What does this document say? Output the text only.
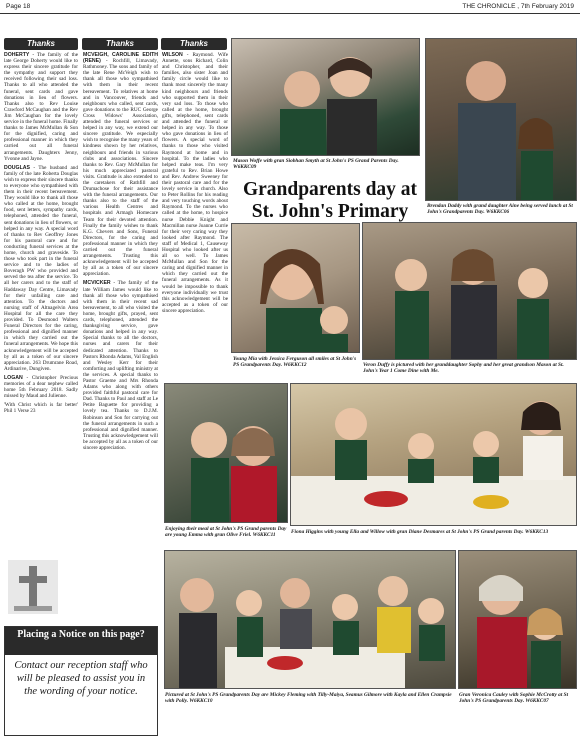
Page 18	THE CHRONICLE , 7th February 2019
Thanks	Thanks	Thanks

DOHERTY - The family of the late George Doherty would like to express their sincere gratitude for the sympathy and support they received following their sad loss. Thanks to all who attended the funeral, sent cards and gave donations in lieu of flowers. Thanks also to Rev Louise Crawford McCaughan and the Rev Jim McCaughan for the lovely service in the funeral home. Finally thanks to James McMullan & Son for the dignified, caring and professional manner in which they carried out all funeral arrangements. Daughters Jenny, Yvonne and Jayne.

DOUGLAS - The husband and family of the late Roberta Douglas wish to express their sincere thanks to everyone who sympathised with them in their recent bereavement. They would like to thank all those who called at the home, brought food, sent letters, sympathy cards, telephoned, attended the funeral, sent donations in lieu of flowers, or helped in any way. A special word of thanks to Rev Geoffrey Jones for his pastoral care and for conducting funeral services at the home, church and graveside. To those who took part in the funeral service and to the ladies of Boveragh PW who provided and served the tea after the service. To all her carers and to the staff of Haddaway Day Centre, Limavady for their unfailing care and attention. To the doctors and nursing staff of Altnagelvin Area Hospital for all the care they provided. To Desmond Walters Funeral Directors for the caring, professional and dignified manner in which they carried out the funeral arrangements. We hope this acknowledgement will be accepted by all as a token of our sincere appreciation. 263 Drumrane Road, Ardinarive, Dungiven.

LOGAN - Christopher Precious memories of a dear nephew called home 5th February 2018. Sadly missed by Maud and Julienne.

'With Christ which is far better' Phil 1 Verse 23

MCVEIGH, CAROLINE EDITH (RENE) - Rochfill, Limavady, Rathmoney. The sons and family of the late Rene McVeigh wish to thank all those who sympathised with them in their recent bereavement. To relatives at home and in Vancouver, friends and neighbours who called, sent cards, gave donations to the RUC George Cross Widows' Association, attended the funeral services or helped in any way, we extend our sincere gratitude. We especially wish to recognise the many years of kindness shown by her relatives, neighbours and friends in various clubs and associations. Sincere thanks to Rev. Gary McMullan for his much appreciated pastoral visits. Gratitude is also extended to the caretakers of Rathfill and Drumachose for their assistance with the funeral arrangements. Our thanks also to the staff of the various Health Centres and hospitals and Armagh Homecare Team for their devoted attention. Finally the family wishes to thank K.G. Chevers and Sons, Funeral Directors, for the caring and professional manner in which they carried out the funeral arrangements. Trusting this acknowledgement will be accepted by all as a token of our sincere appreciation.

MCVICKER - The family of the late William James would like to thank all those who sympathised with them in their recent sad bereavement, to all who visited the home, brought gifts, prayed, sent cards, telephoned, attended the thanksgiving service, gave donations and helped in any way. Special thanks to all the doctors, nurses and carers for their dedicated attention. Thanks to Pastors Rhonda Adams, Val English and Wesley Kerr for their comforting and uplifting ministry at the services. A special thanks to Pastor Graeme and Mrs Rhonda Adams who along with others provided faithful pastoral care for Dad. Thanks to Paul and staff at Le Petite Baguette for providing a lovely tea. Thanks to D.J.M. Robinson and Son for carrying out the funeral arrangements in such a professional and dignified manner. Trusting this acknowledgement will be accepted by all as a token of our sincere appreciation.

WILSON - Raymond. Wife Annette, sons Richard, Colin and Christopher, and their families, also sister Joan and family circle would like to thank most sincerely the many kind neighbours and friends who supported them in their very sad loss. To those who called at the home, brought gifts, telephoned, sent cards and attended the funeral or helped in any way. To those who gave donations in lieu of flowers. A special word of thanks to those who visited Raymond at home and in hospital. To the ladies who helped make teas. I'm very grateful to Rev. Brian Howe and Rev. Andrew Sweeney for their pastoral care and for the lovely service in church. Also to Peter Rollins for his reading and very touching words about Raymond. To the nurses who called at the home, to hospice nurse Debbie Knight and Macmillan nurse Joanne Currie for their very caring way they looked after Raymond. The staff of Medical 1, Causeway Hospital who looked after us all so well. To James McMullan and Son for the caring and dignified manner in which they carried out the funeral arrangements. As it would be impossible to thank everyone individually we trust this acknowledgement will be accepted as a token of our sincere appreciation.

Placing a Notice on this page?
Contact our reception staff who will be pleased to assist you in the wording of your notice.
Mason Woffe with gran Siobhan Smyth at St John's PS Grand Parents Day. W6KKC09
Grandparents day at St. John's Primary	Brendan Daddy with grand daughter Aine being served lunch at St John's Grandparents Day. W6KKC06
Young Mia with Jessica Ferguson all smiles at St John's PS Grandparents Day. W6KKC12	Veron Duffy is pictured with her granddaughter Sophy and her great grandson Mason at St. John's Year 1 Come Dine with Me.
Enjoying their meal at St John's PS Grand parents Day are young Emma with gran Olive Friel. W6KKC11
Fiona Higgins with young Ella and Willow with gran Diane Desmares at St John's PS Grand parents Day. W6KKC13
Pictured at St John's PS Grandparents Day are Mickey Fleming with Tilly-Maiya, Seamus Gilmore with Kayla and Ellen Crampsie with Polly. W6KKC10
Gran Veronica Cauley with Sophie McCrotty at St John's PS Grandparents Day. W6KKC07
